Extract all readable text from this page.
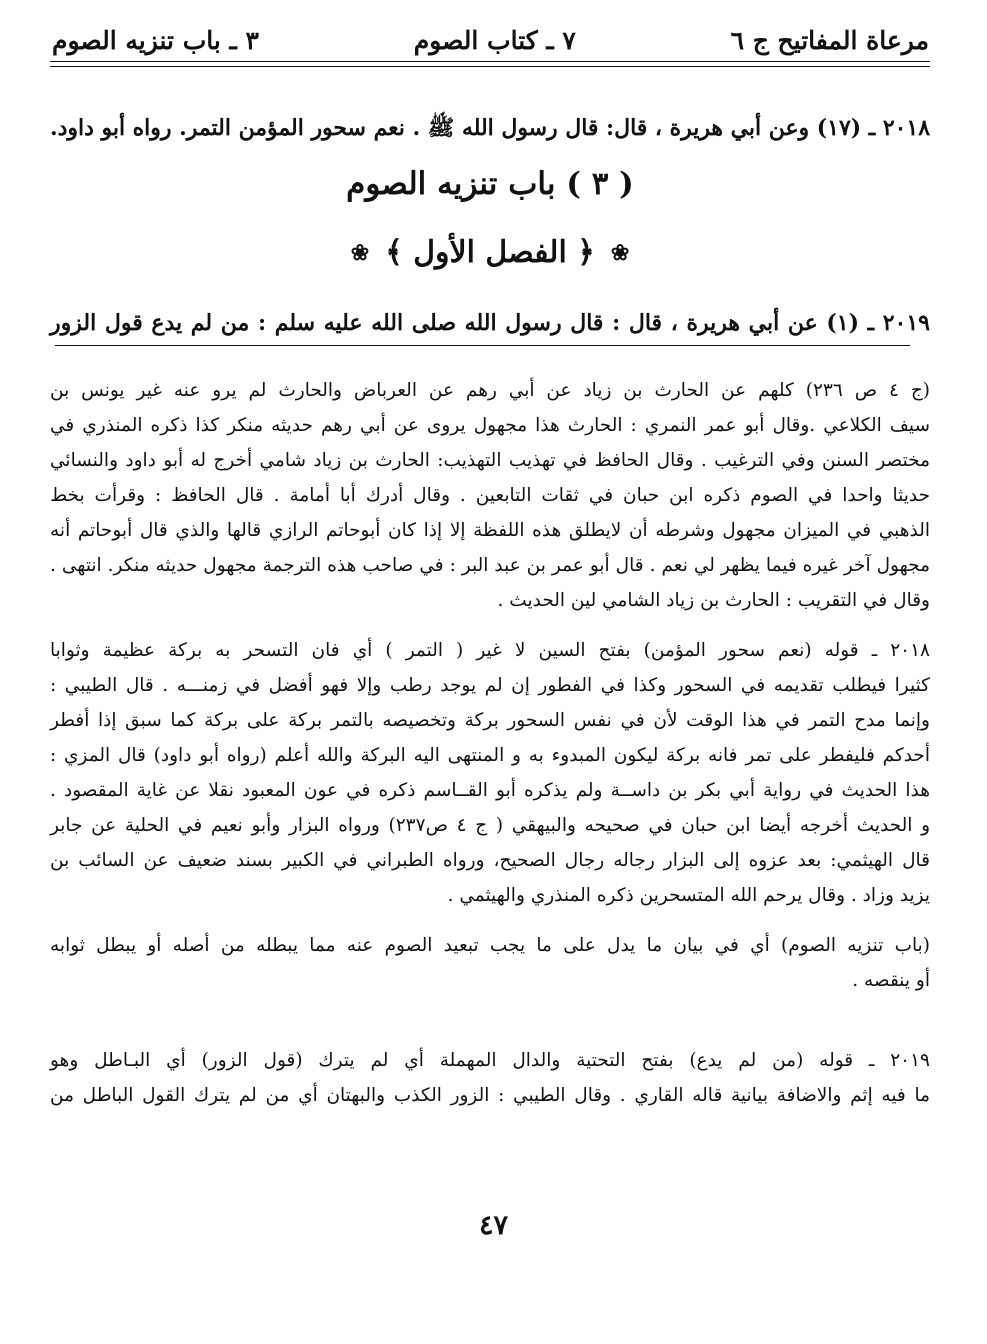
مرعاة المفاتيح ج ٦
٧ ـ كتاب الصوم
٣ ـ باب تنزيه الصوم
٢٠١٨ ـ (١٧) وعن أبي هريرة ، قال: قال رسول الله ﷺ . نعم سحور المؤمن التمر. رواه أبو داود.
( ٣ ) باب تنزيه الصوم
❀
﴿ الفصل الأول ﴾
❀
٢٠١٩ ـ (١) عن أبي هريرة ، قال : قال رسول الله صلى الله عليه سلم : من لم يدع قول الزور
(ج ٤ ص ٢٣٦) كلهم عن الحارث بن زياد عن أبي رهم عن العرباض والحارث لم يرو عنه غير يونس بن
سيف الكلاعي .وقال أبو عمر النمري : الحارث هذا مجهول يروى عن أبي رهم حديثه منكر كذا ذكره المنذري في
مختصر السنن وفي الترغيب . وقال الحافظ في تهذيب التهذيب: الحارث بن زياد شامي أخرج له أبو داود والنسائي
حديثا واحدا في الصوم ذكره ابن حبان في ثقات التابعين . وقال أدرك أبا أمامة . قال الحافظ : وقرأت بخط
الذهبي في الميزان مجهول وشرطه أن لايطلق هذه اللفظة إلا إذا كان أبوحاتم الرازي قالها والذي قال أبوحاتم أنه
مجهول آخر غيره فيما يظهر لي نعم . قال أبو عمر بن عبد البر : في صاحب هذه الترجمة مجهول حديثه منكر. انتهى .
وقال في التقريب : الحارث بن زياد الشامي لين الحديث .
٢٠١٨ ـ قوله (نعم سحور المؤمن) بفتح السين لا غير ( التمر ) أي فان التسحر به بركة عظيمة وثوابا
كثيرا فيطلب تقديمه في السحور وكذا في الفطور إن لم يوجد رطب وإلا فهو أفضل في زمنـــه . قال الطيبي :
وإنما مدح التمر في هذا الوقت لأن في نفس السحور بركة وتخصيصه بالتمر بركة على بركة كما سبق إذا أفطر
أحدكم فليفطر على تمر فانه بركة ليكون المبدوء به و المنتهى اليه البركة والله أعلم (رواه أبو داود) قال المزي :
هذا الحديث في رواية أبي بكر بن داســة ولم يذكره أبو القــاسم ذكره في عون المعبود نقلا عن غاية المقصود .
و الحديث أخرجه أيضا ابن حبان في صحيحه والبيهقي ( ج ٤ ص٢٣٧) ورواه البزار وأبو نعيم في الحلية عن جابر
قال الهيثمي: بعد عزوه إلى البزار رجاله رجال الصحيح، ورواه الطبراني في الكبير بسند ضعيف عن السائب بن
يزيد وزاد . وقال يرحم الله المتسحرين ذكره المنذري والهيثمي .
(باب تنزيه الصوم) أي في بيان ما يدل على ما يجب تبعيد الصوم عنه مما يبطله من أصله أو يبطل ثوابه
أو ينقصه .
٢٠١٩ ـ قوله (من لم يدع) بفتح التحتية والدال المهملة أي لم يترك (قول الزور) أي البـاطل وهو
ما فيه إثم والاضافة بيانية قاله القاري . وقال الطيبي : الزور الكذب والبهتان أي من لم يترك القول الباطل من
٤٧
